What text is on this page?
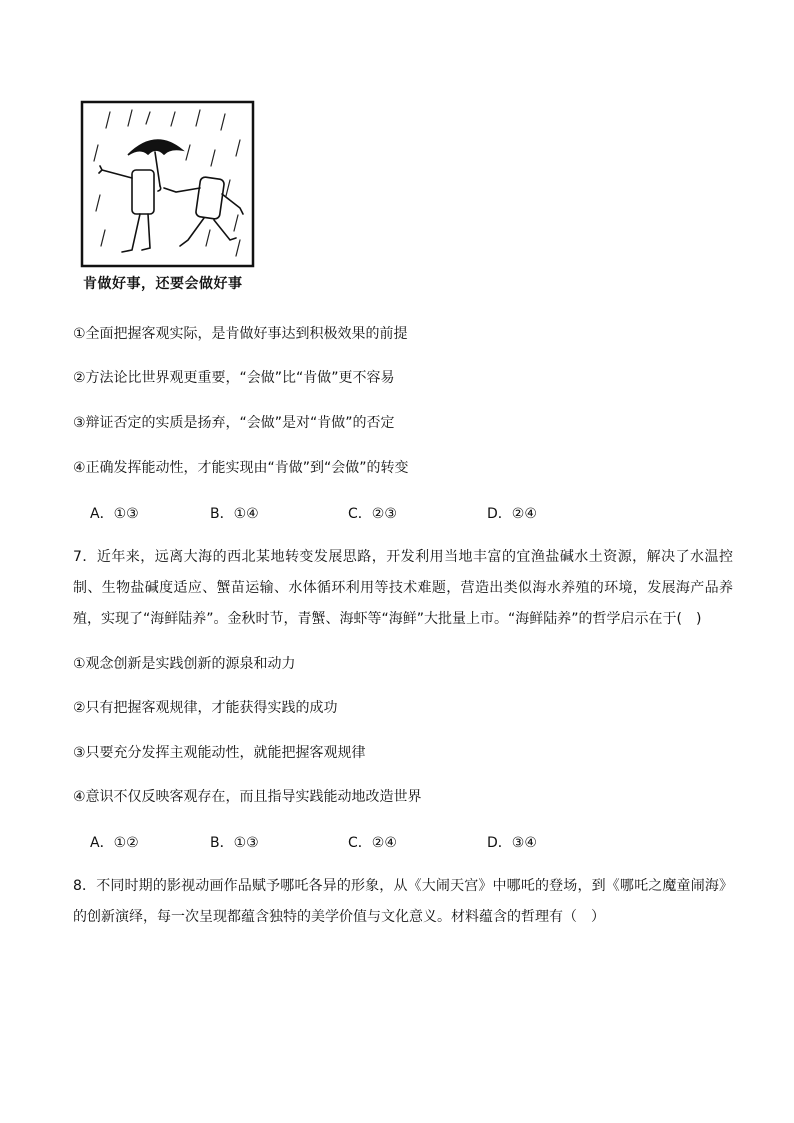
肯做好事，还要会做好事
①全面把握客观实际，是肯做好事达到积极效果的前提
②方法论比世界观更重要，“会做”比“肯做”更不容易
③辩证否定的实质是扬弃，“会做”是对“肯做”的否定
④正确发挥能动性，才能实现由“肯做”到“会做”的转变
A．①③	B．①④	C．②③	D．②④
7．近年来，远离大海的西北某地转变发展思路，开发利用当地丰富的宜渔盐碱水土资源，解决了水温控制、生物盐碱度适应、蟹苗运输、水体循环利用等技术难题，营造出类似海水养殖的环境，发展海产品养殖，实现了“海鲜陆养”。金秋时节，青蟹、海虾等“海鲜”大批量上市。“海鲜陆养”的哲学启示在于(　)
①观念创新是实践创新的源泉和动力
②只有把握客观规律，才能获得实践的成功
③只要充分发挥主观能动性，就能把握客观规律
④意识不仅反映客观存在，而且指导实践能动地改造世界
A．①②	B．①③	C．②④	D．③④
8．不同时期的影视动画作品赋予哪吒各异的形象，从《大闹天宫》中哪吒的登场，到《哪吒之魔童闹海》的创新演绎，每一次呈现都蕴含独特的美学价值与文化意义。材料蕴含的哲理有（　）
